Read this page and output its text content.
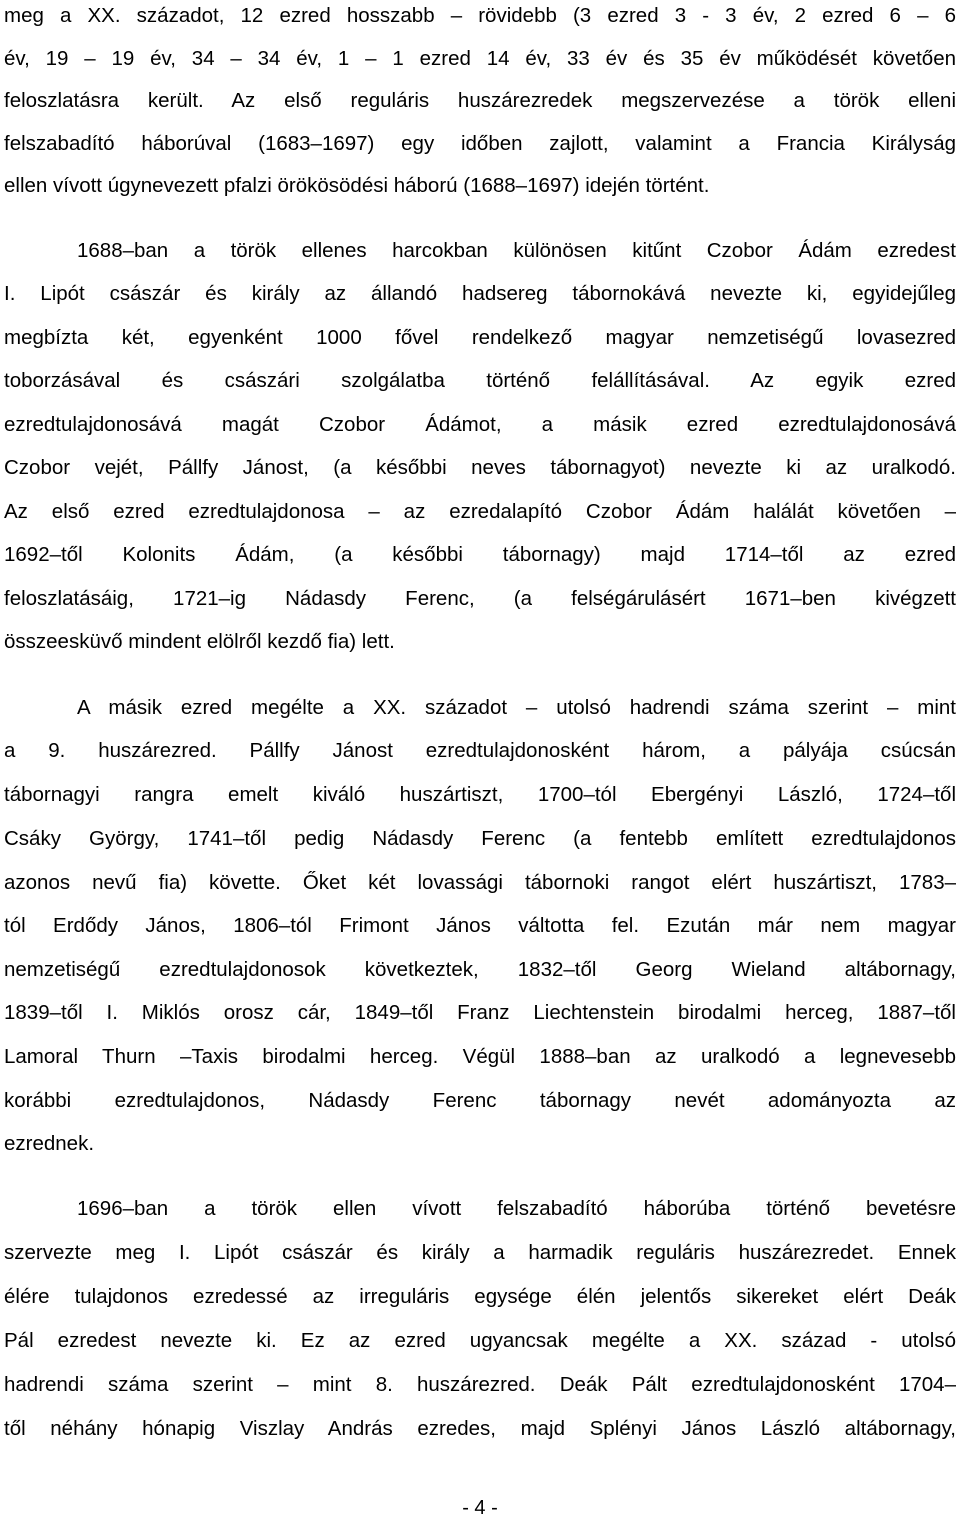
meg a XX. századot, 12 ezred hosszabb – rövidebb (3 ezred 3 - 3 év, 2 ezred 6 – 6
év, 19 – 19 év, 34 – 34 év, 1 – 1 ezred 14 év, 33 év és 35 év működését követően
feloszlatásra került. Az első reguláris huszárezredek megszervezése a török elleni
felszabadító háborúval (1683–1697) egy időben zajlott, valamint a Francia Királyság
ellen vívott úgynevezett pfalzi örökösödési háború (1688–1697) idején történt.
1688–ban a török ellenes harcokban különösen kitűnt Czobor Ádám ezredest
I. Lipót császár és király az állandó hadsereg tábornokává nevezte ki, egyidejűleg
megbízta két, egyenként 1000 fővel rendelkező magyar nemzetiségű lovasezred
toborzásával és császári szolgálatba történő felállításával. Az egyik ezred
ezredtulajdonosává magát Czobor Ádámot, a másik ezred ezredtulajdonosává
Czobor vejét, Pállfy Jánost, (a későbbi neves tábornagyot) nevezte ki az uralkodó.
Az első ezred ezredtulajdonosa – az ezredalapító Czobor Ádám halálát követően –
1692–től Kolonits Ádám, (a későbbi tábornagy) majd 1714–től az ezred
feloszlatásáig, 1721–ig Nádasdy Ferenc, (a felségárulásért 1671–ben kivégzett
összeesküvő mindent elölről kezdő fia) lett.
A másik ezred megélte a XX. századot – utolsó hadrendi száma szerint – mint
a 9. huszárezred. Pállfy Jánost ezredtulajdonosként három, a pályája csúcsán
tábornagyi rangra emelt kiváló huszártiszt, 1700–tól Ebergényi László, 1724–től
Csáky György, 1741–től pedig Nádasdy Ferenc (a fentebb említett ezredtulajdonos
azonos nevű fia) követte. Őket két lovassági tábornoki rangot elért huszártiszt, 1783–
tól Erdődy János, 1806–tól Frimont János váltotta fel. Ezután már nem magyar
nemzetiségű ezredtulajdonosok következtek, 1832–től Georg Wieland altábornagy,
1839–től I. Miklós orosz cár, 1849–től Franz Liechtenstein birodalmi herceg, 1887–től
Lamoral Thurn –Taxis birodalmi herceg. Végül 1888–ban az uralkodó a legnevesebb
korábbi ezredtulajdonos, Nádasdy Ferenc tábornagy nevét adományozta az
ezrednek.
1696–ban a török ellen vívott felszabadító háborúba történő bevetésre
szervezte meg I. Lipót császár és király a harmadik reguláris huszárezredet. Ennek
élére tulajdonos ezredessé az irreguláris egysége élén jelentős sikereket elért Deák
Pál ezredest nevezte ki. Ez az ezred ugyancsak megélte a XX. század - utolsó
hadrendi száma szerint – mint 8. huszárezred. Deák Pált ezredtulajdonosként 1704–
től néhány hónapig Viszlay András ezredes, majd Splényi János László altábornagy,
- 4 -
